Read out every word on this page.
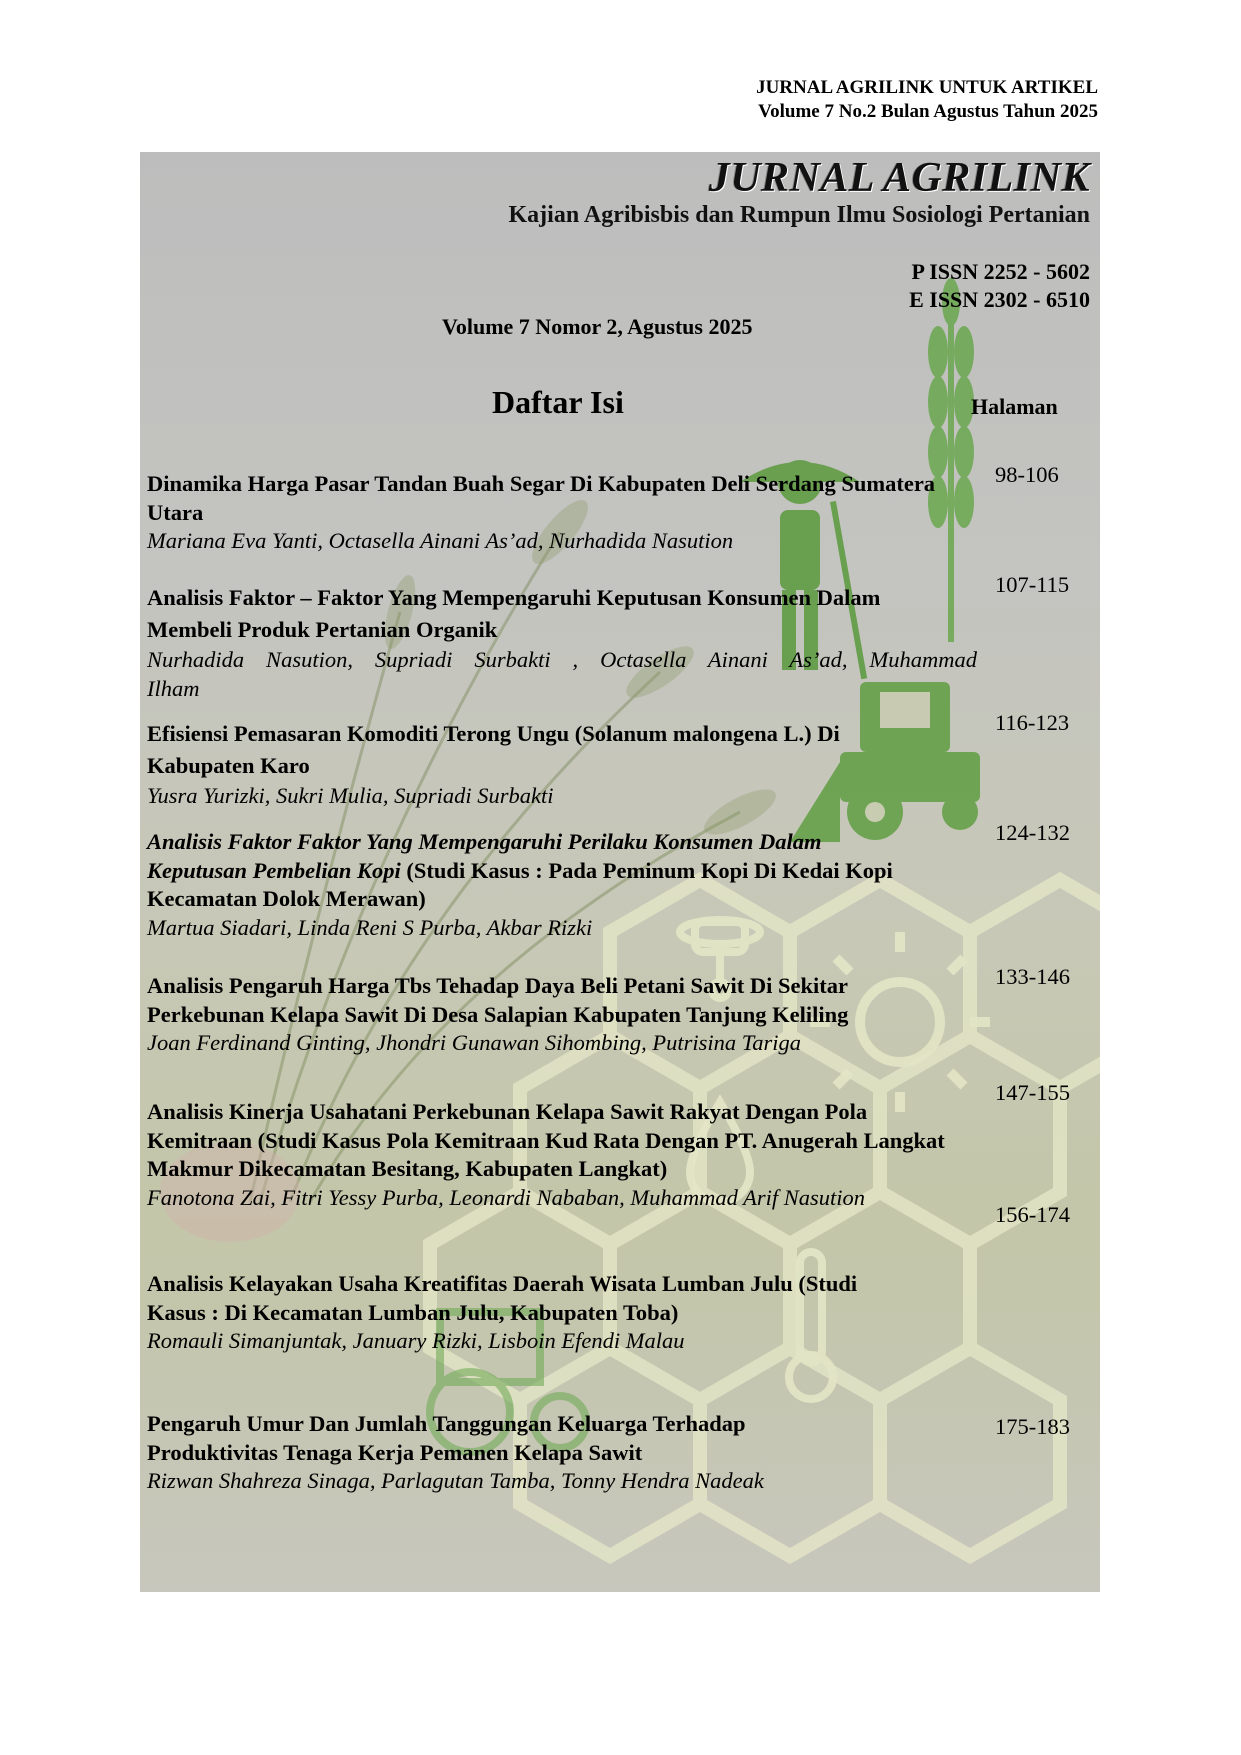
JURNAL AGRILINK UNTUK ARTIKEL
Volume 7 No.2 Bulan Agustus Tahun 2025
JURNAL AGRILINK
Kajian Agribisbis dan Rumpun Ilmu Sosiologi Pertanian
P ISSN 2252 - 5602
E ISSN 2302 - 6510
Volume 7 Nomor 2, Agustus 2025
Daftar Isi	Halaman
Dinamika Harga Pasar Tandan Buah Segar Di Kabupaten Deli Serdang Sumatera Utara
Mariana Eva Yanti, Octasella Ainani As’ad, Nurhadida Nasution
98-106
Analisis Faktor – Faktor Yang Mempengaruhi Keputusan Konsumen Dalam
Membeli Produk Pertanian Organik
Nurhadida Nasution, Supriadi Surbakti , Octasella Ainani As’ad, Muhammad
Ilham
107-115
Efisiensi Pemasaran Komoditi Terong Ungu (Solanum malongena L.) Di
Kabupaten Karo
Yusra Yurizki, Sukri Mulia, Supriadi Surbakti
116-123
Analisis Faktor Faktor Yang Mempengaruhi Perilaku Konsumen Dalam Keputusan Pembelian Kopi (Studi Kasus : Pada Peminum Kopi Di Kedai Kopi Kecamatan Dolok Merawan)
Martua Siadari, Linda Reni S Purba, Akbar Rizki
124-132
Analisis Pengaruh Harga Tbs Tehadap Daya Beli Petani Sawit Di Sekitar Perkebunan Kelapa Sawit Di Desa Salapian Kabupaten Tanjung Keliling
Joan Ferdinand Ginting, Jhondri Gunawan Sihombing, Putrisina Tariga
133-146
Analisis Kinerja Usahatani Perkebunan Kelapa Sawit Rakyat Dengan Pola Kemitraan (Studi Kasus Pola Kemitraan Kud Rata Dengan PT. Anugerah Langkat Makmur Dikecamatan Besitang, Kabupaten Langkat)
Fanotona Zai, Fitri Yessy Purba, Leonardi Nababan, Muhammad Arif Nasution
147-155
Analisis Kelayakan Usaha Kreatifitas Daerah Wisata Lumban Julu (Studi Kasus : Di Kecamatan Lumban Julu, Kabupaten Toba)
Romauli Simanjuntak, January Rizki, Lisboin Efendi Malau
156-174
Pengaruh Umur Dan Jumlah Tanggungan Keluarga Terhadap Produktivitas Tenaga Kerja Pemanen Kelapa Sawit
Rizwan Shahreza Sinaga, Parlagutan Tamba, Tonny Hendra Nadeak
175-183
